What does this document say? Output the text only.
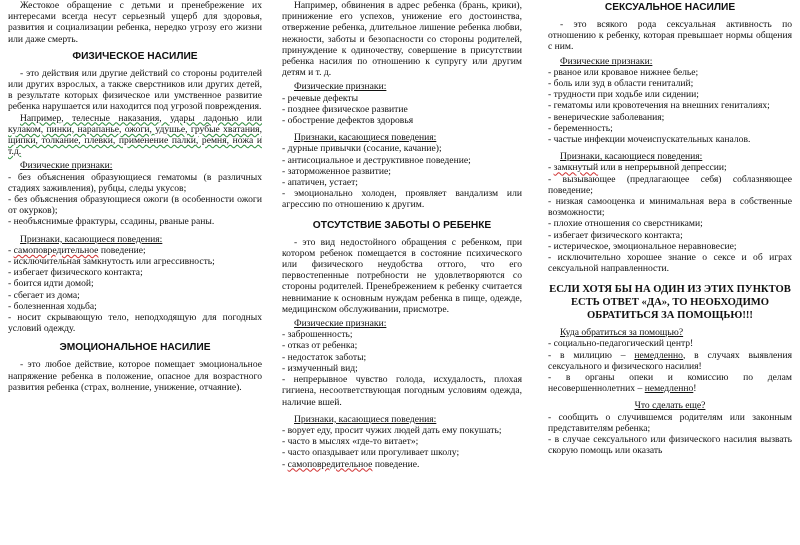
Жестокое обращение с детьми и пренебрежение их интересами всегда несут серьезный ущерб для здоровья, развития и социализации ребенка, нередко угрозу его жизни или даже смерть.

ФИЗИЧЕСКОЕ НАСИЛИЕ

- это действия или другие действий со стороны родителей или других взрослых, а также сверстников или других детей, в результате которых физическое или умственное развитие ребенка нарушается или находится под угрозой повреждения.

Например, телесные наказания, удары ладонью или кулаком, пинки, нарапанье, ожоги, удушье, грубые хватания, щипки, толкание, плевки, применение палки, ремня, ножа и т.д.

Физические признаки:

- без объяснения образующиеся гематомы (в различных стадиях заживления), рубцы, следы укусов;

- без объяснения образующиеся ожоги (в особенности ожоги от окурков);

- необъяснимые фрактуры, ссадины, рваные раны.

Признаки, касающиеся поведения:

- самоповредительное поведение;

- исключительная замкнутость или агрессивность;

- избегает физического контакта;

- боится идти домой;

- сбегает из дома;

- болезненная ходьба;

- носит скрывающую тело, неподходящую для погодных условий одежду.

ЭМОЦИОНАЛЬНОЕ НАСИЛИЕ

- это любое действие, которое помещает эмоциональное напряжение ребенка в положение, опасное для возрастного развития ребенка (страх, волнение, унижение, отчаяние).

Например, обвинения в адрес ребенка (брань, крики), принижение его успехов, унижение его достоинства, отвержение ребенка, длительное лишение ребенка любви, нежности, заботы и безопасности со стороны родителей, принуждение к одиночеству, совершение в присутствии ребенка насилия по отношению к супругу или другим детям и т. д.

Физические признаки:

- речевые дефекты

- позднее физическое развитие

- обострение дефектов здоровья

Признаки, касающиеся поведения:

- дурные привычки (сосание, качание);

- антисоциальное и деструктивное поведение;

- заторможенное развитие;

- апатичен, устает;

- эмоционально холоден, проявляет вандализм или агрессию по отношению к другим.

ОТСУТСТВИЕ ЗАБОТЫ О РЕБЕНКЕ

- это вид недостойного обращения с ребенком, при котором ребенок помещается в состояние психического или физического неудобства оттого, что его первостепенные потребности не удовлетворяются со стороны родителей. Пренебрежением к ребенку считается невнимание к основным нуждам ребенка в пище, одежде, медицинском обслуживании, присмотре.

Физические признаки:

- заброшенность;

- отказ от ребенка;

- недостаток заботы;

- измученный вид;

- непрерывное чувство голода, исхудалость, плохая гигиена, несоответствующая погодным условиям одежда, наличие вшей.

Признаки, касающиеся поведения:

- ворует еду, просит чужих людей дать ему покушать;

- часто в мыслях «где-то витает»;

- часто опаздывает или прогуливает школу;

- самоповредительное поведение.

СЕКСУАЛЬНОЕ НАСИЛИЕ

- это всякого рода сексуальная активность по отношению к ребенку, которая превышает нормы общения с ним.

Физические признаки:

- рваное или кровавое нижнее белье;

- боль или зуд в области гениталий;

- трудности при ходьбе или сидении;

- гематомы или кровотечения на внешних гениталиях;

- венерические заболевания;

- беременность;

- частые инфекции мочеиспускательных каналов.

Признаки, касающиеся поведения:

- замкнутый или в непрерывной депрессии;

- вызывающее (предлагающее себя) соблазняющее поведение;

- низкая самооценка и минимальная вера в собственные возможности;

- плохие отношения со сверстниками;

- избегает физического контакта;

- истерическое, эмоциональное неравновесие;

- исключительно хорошее знание о сексе и об играх сексуальной направленности.

ЕСЛИ ХОТЯ БЫ НА ОДИН ИЗ ЭТИХ ПУНКТОВ ЕСТЬ ОТВЕТ «ДА», ТО НЕОБХОДИМО ОБРАТИТЬСЯ ЗА ПОМОЩЬЮ!!!

Куда обратиться за помощью?

- социально-педагогический центр!

- в милицию – немедленно, в случаях выявления сексуального и физического насилия!

- в органы опеки и комиссию по делам несовершеннолетних – немедленно!

Что сделать еще?

- сообщить о случившемся родителям или законным представителям ребенка;

- в случае сексуального или физического насилия вызвать скорую помощь или оказать
